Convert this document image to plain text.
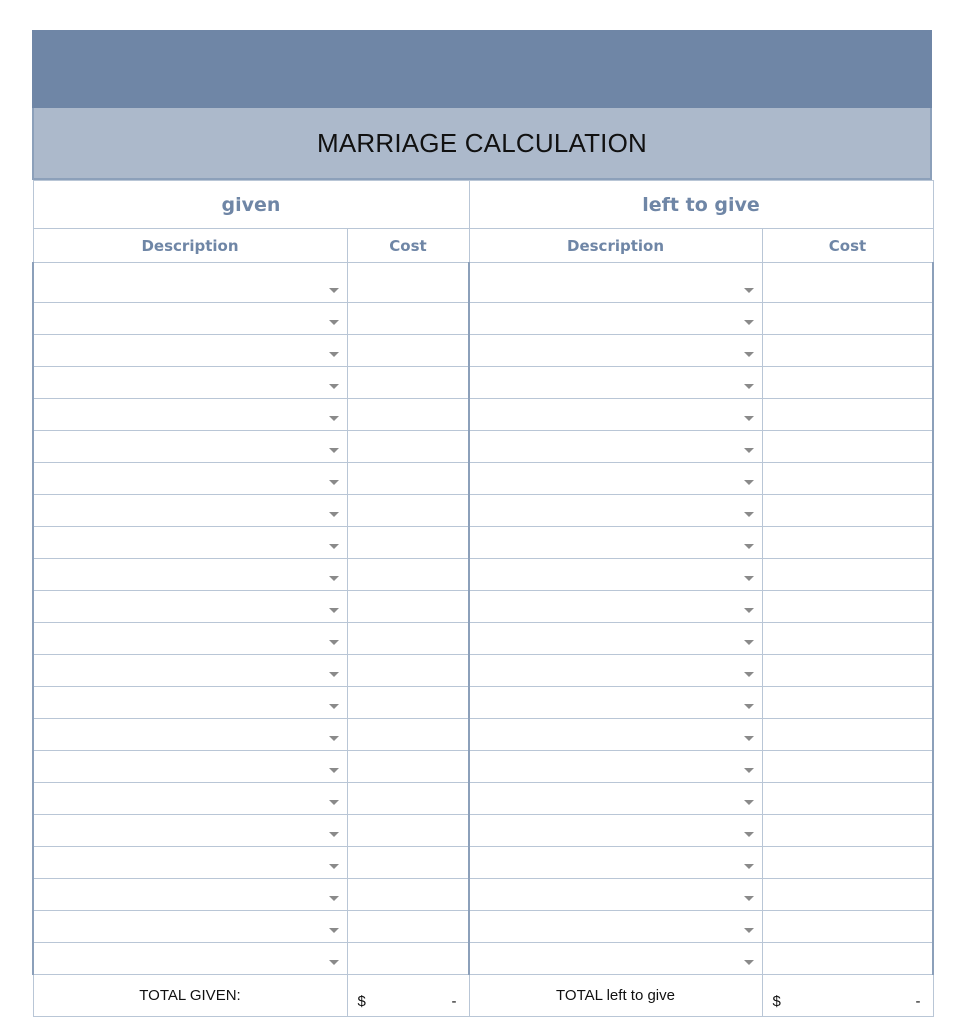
MARRIAGE CALCULATION
given		left to give	
Description	Cost	Description	Cost

TOTAL GIVEN:	$ -	TOTAL left to give	$ -
